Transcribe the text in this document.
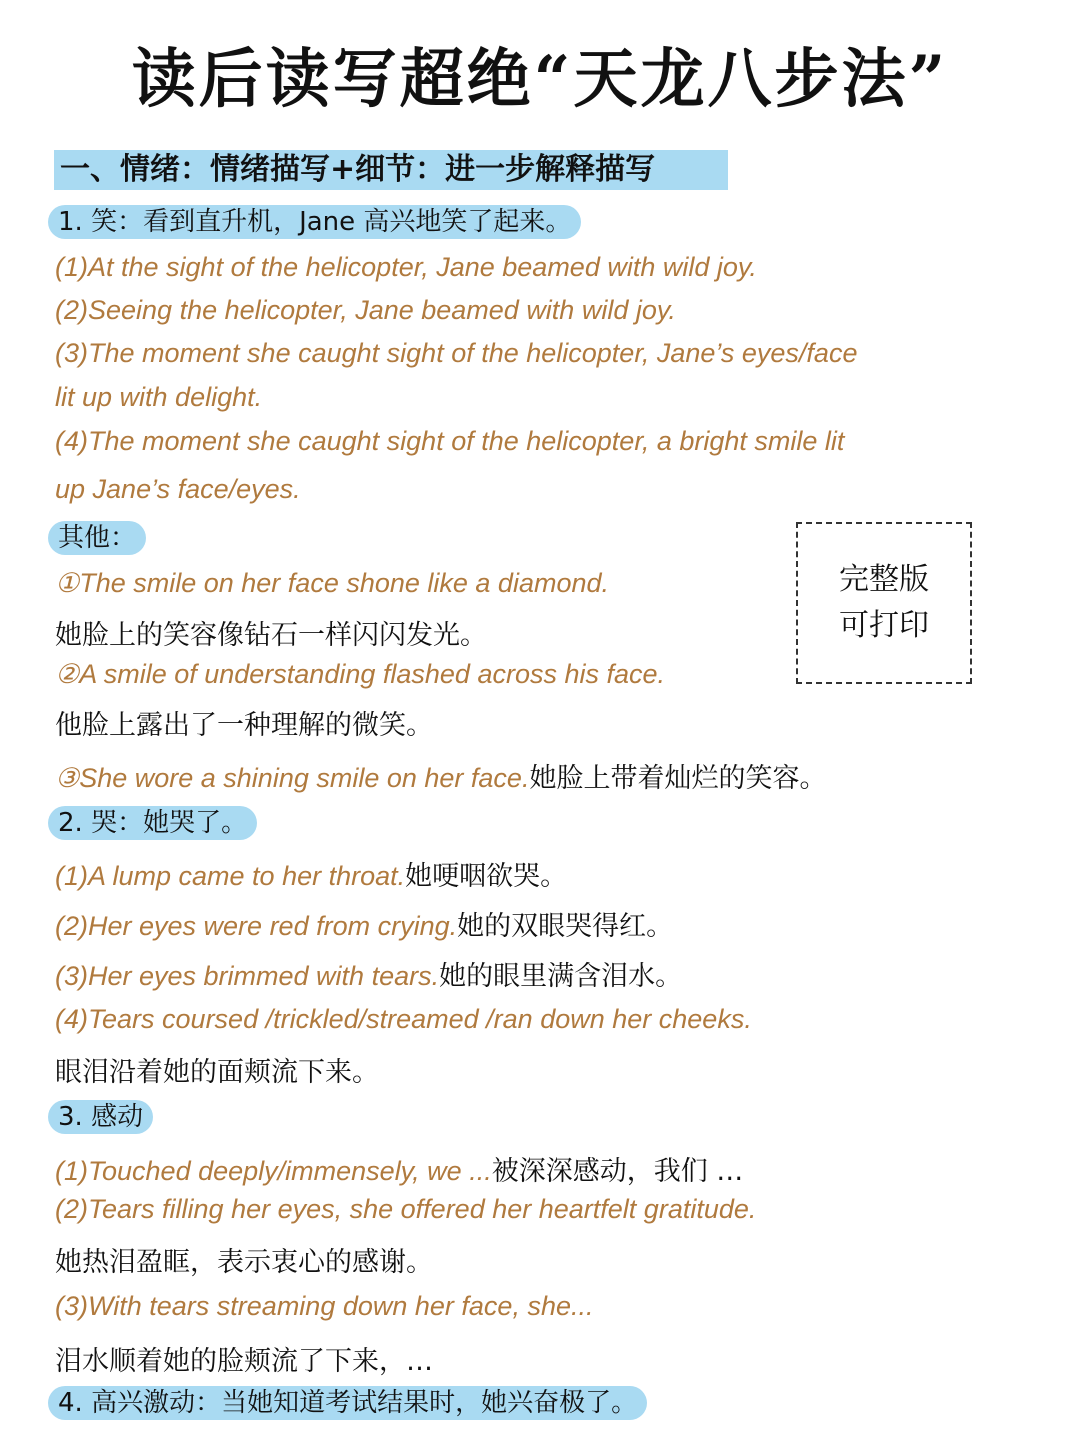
读后读写超绝“天龙八步法”
一、情绪：情绪描写+细节：进一步解释描写
1. 笑：看到直升机，Jane 高兴地笑了起来。
(1)At the sight of the helicopter, Jane beamed with wild joy.
(2)Seeing the helicopter, Jane beamed with wild joy.
(3)The moment she caught sight of the helicopter, Jane’s eyes/face
lit up with delight.
(4)The moment she caught sight of the helicopter, a bright smile lit
up Jane’s face/eyes.
其他：
①The smile on her face shone like a diamond.
她脸上的笑容像钻石一样闪闪发光。
②A smile of understanding flashed across his face.
他脸上露出了一种理解的微笑。
③She wore a shining smile on her face.她脸上带着灿烂的笑容。
完整版
可打印
2. 哭：她哭了。
(1)A lump came to her throat.她哽咽欲哭。
(2)Her eyes were red from crying.她的双眼哭得红。
(3)Her eyes brimmed with tears.她的眼里满含泪水。
(4)Tears coursed /trickled/streamed /ran down her cheeks.
眼泪沿着她的面颊流下来。
3. 感动
(1)Touched deeply/immensely, we ...被深深感动，我们 …
(2)Tears filling her eyes, she offered her heartfelt gratitude.
她热泪盈眶，表示衷心的感谢。
(3)With tears streaming down her face, she...
泪水顺着她的脸颊流了下来，…
4. 高兴激动：当她知道考试结果时，她兴奋极了。
